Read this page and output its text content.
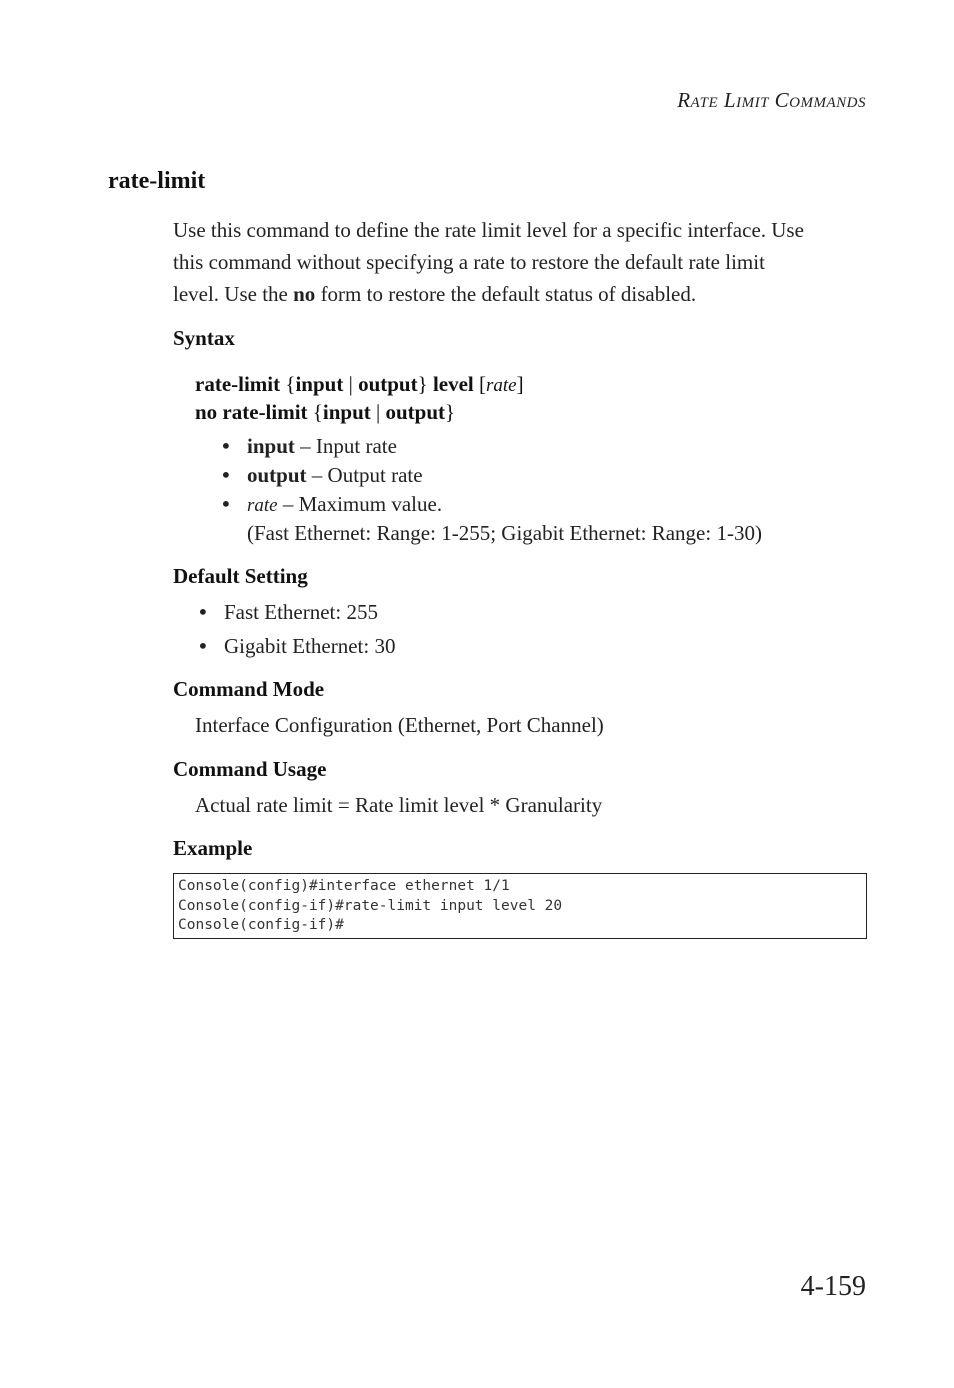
Rate Limit Commands
rate-limit
Use this command to define the rate limit level for a specific interface. Use
this command without specifying a rate to restore the default rate limit
level. Use the no form to restore the default status of disabled.
Syntax
rate-limit {input | output} level [rate]
no rate-limit {input | output}
• input – Input rate
• output – Output rate
• rate – Maximum value.
(Fast Ethernet: Range: 1-255; Gigabit Ethernet: Range: 1-30)
Default Setting
• Fast Ethernet: 255
• Gigabit Ethernet: 30
Command Mode
Interface Configuration (Ethernet, Port Channel)
Command Usage
Actual rate limit = Rate limit level * Granularity
Example
Console(config)#interface ethernet 1/1
Console(config-if)#rate-limit input level 20
Console(config-if)#
4-159
